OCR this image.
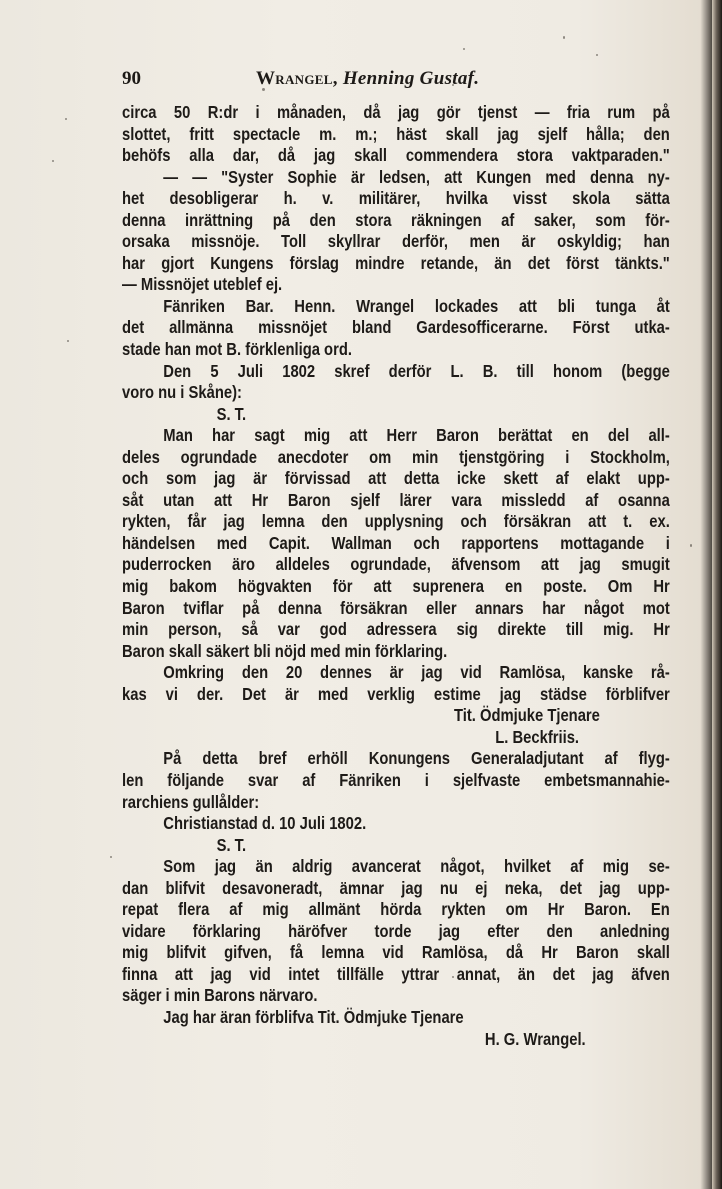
90	Wrangel, Henning Gustaf.
circa 50 R:dr i månaden, då jag gör tjenst — fria rum på
slottet, fritt spectacle m. m.; häst skall jag sjelf hålla; den
behöfs alla dar, då jag skall commendera stora vaktparaden."
— — "Syster Sophie är ledsen, att Kungen med denna ny-
het desobligerar h. v. militärer, hvilka visst skola sätta
denna inrättning på den stora räkningen af saker, som för-
orsaka missnöje. Toll skyllrar derför, men är oskyldig; han
har gjort Kungens förslag mindre retande, än det först tänkts."
— Missnöjet uteblef ej.
Fänriken Bar. Henn. Wrangel lockades att bli tunga åt
det allmänna missnöjet bland Gardesofficerarne. Först utka-
stade han mot B. förklenliga ord.
Den 5 Juli 1802 skref derför L. B. till honom (begge
voro nu i Skåne):
S. T.
Man har sagt mig att Herr Baron berättat en del all-
deles ogrundade anecdoter om min tjenstgöring i Stockholm,
och som jag är förvissad att detta icke skett af elakt upp-
såt utan att Hr Baron sjelf lärer vara missledd af osanna
rykten, får jag lemna den upplysning och försäkran att t. ex.
händelsen med Capit. Wallman och rapportens mottagande i
puderrocken äro alldeles ogrundade, äfvensom att jag smugit
mig bakom högvakten för att suprenera en poste. Om Hr
Baron tviflar på denna försäkran eller annars har något mot
min person, så var god adressera sig direkte till mig. Hr
Baron skall säkert bli nöjd med min förklaring.
Omkring den 20 dennes är jag vid Ramlösa, kanske rå-
kas vi der. Det är med verklig estime jag städse förblifver
Tit. Ödmjuke Tjenare
L. Beckfriis.
På detta bref erhöll Konungens Generaladjutant af flyg-
len följande svar af Fänriken i sjelfvaste embetsmannahie-
rarchiens gullålder:
Christianstad d. 10 Juli 1802.
S. T.
Som jag än aldrig avancerat något, hvilket af mig se-
dan blifvit desavoneradt, ämnar jag nu ej neka, det jag upp-
repat flera af mig allmänt hörda rykten om Hr Baron. En
vidare förklaring häröfver torde jag efter den anledning
mig blifvit gifven, få lemna vid Ramlösa, då Hr Baron skall
finna att jag vid intet tillfälle yttrar annat, än det jag äfven
säger i min Barons närvaro.
Jag har äran förblifva Tit. Ödmjuke Tjenare
H. G. Wrangel.
